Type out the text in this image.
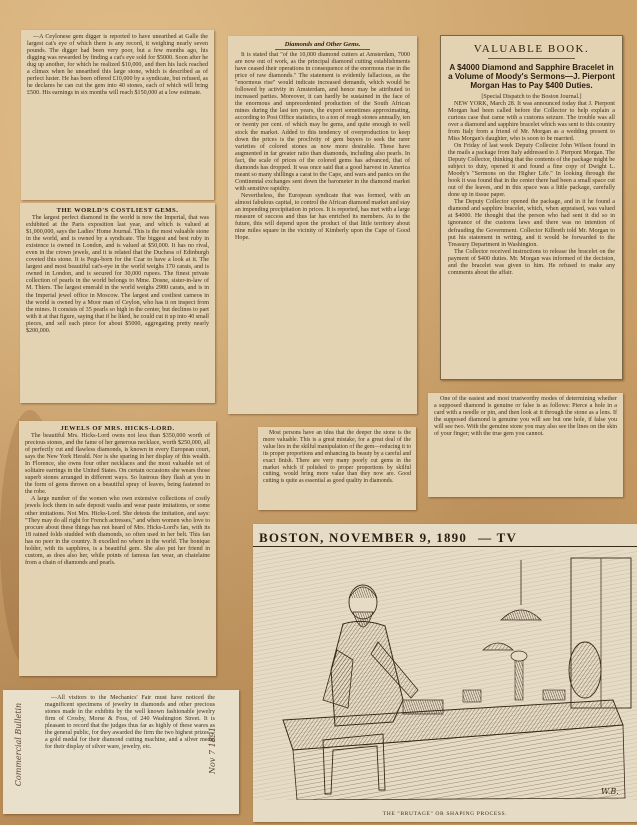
—A Ceylonese gem digger is reported to have unearthed at Galle the largest cat's eye of which there is any record, it weighing nearly seven pounds. The digger had been very poor, but a few months ago, his digging was rewarded by finding a cat's eye sold for $5000. Soon after he dug up another, for which he realized $10,000, and then his luck reached a climax when he unearthed this large stone, which is described as of perfect luster. He has been offered £10,000 by a syndicate, but refused, as he declares he can cut the gem into 40 stones, each of which will bring £500. His earnings in six months will reach $150,000 at a low estimate.

THE WORLD'S COSTLIEST GEMS.

The largest perfect diamond in the world is now the Imperial, that was exhibited at the Paris exposition last year, and which is valued at $1,000,000, says the Ladies' Home Journal. This is the most valuable stone in the world, and is owned by a syndicate. The biggest and best ruby in existence is owned in London, and is valued at $50,000. It has no rival, even in the crown jewels, and it is related that the Duchess of Edinburgh coveted this stone. It is Pegu-born for the Czar to have a look at it. The largest and most beautiful cat's-eye in the world weighs 170 carats, and is owned in London, and is secured for 30,000 rupees. The finest private collection of pearls in the world belongs to Mme. Dosne, sister-in-law of M. Thiers. The largest emerald in the world weighs 2980 carats, and is in the Imperial jewel office in Moscow. The largest and costliest cameos in the world is owned by a Moor man of Ceylon, who has it on inspect from the mines. It consists of 35 pearls so high in the center, but declines to part with it at that figure, saying that if he liked, he could cut it up into 40 small pieces, and sell each piece for about $5000, aggregating pretty nearly $200,000.

JEWELS OF MRS. HICKS-LORD.

The beautiful Mrs. Hicks-Lord owns not less than $350,000 worth of precious stones, and the fame of her generous necklace, worth $250,000, all of perfectly cut and flawless diamonds, is known in every European court, says the New York Herald. Nor is she sparing in her display of this wealth. In Florence, she owns four other necklaces and the most valuable set of solitaire earrings in the United States. On certain occasions she wears those superb stones arranged in different ways. So lustrous they flash at you in the form of gems thrown on a beautiful spray of leaves, being fastened to the robe.

A large number of the women who own extensive collections of costly jewels lock them in safe deposit vaults and wear paste imitations, or some other imitations. Not Mrs. Hicks-Lord. She detests the imitation, and says: "They may do all right for French actresses," and when women who love to procure about these things has not heard of Mrs. Hicks-Lord's fan, with its 18 rained folds studded with diamonds, so often used in her belt. This fan has no peer in the country. It excelled no where in the world. The bonique holder, with its sapphires, is a beautiful gem. She also put her friend in custom, as does also her, while points of famous fan wear, an chatelaine from a chain of diamonds and pearls.

Diamonds and Other Gems.

It is stated that "of the 10,000 diamond cutters at Amsterdam, 7000 are now out of work, as the principal diamond cutting establishments have ceased their operations in consequence of the enormous rise in the price of raw diamonds." The statement is evidently fallacious, as the "enormous rise" would indicate increased demands, which would be followed by activity in Amsterdam, and hence may be attributed to increased parties. Moreover, it can hardly be sustained in the face of the enormous and unprecedented production of the South African mines during the last ten years, the export sometimes approximating, according to Post Office statistics, to a ton of rough stones annually, ten or twenty per cent. of which may be gems, and quite enough to well stock the market. Added to this tendency of overproduction to keep down the prices is the proclivity of gem buyers to seek the rarer varieties of colored stones as now more desirable. These have augmented in far greater ratio than diamonds, including also pearls. In fact, the scale of prices of the colored gems has advanced, that of diamonds has dropped. It was once said that a good harvest in America meant so many shillings a carat to the Cape, and wars and panics on the Continental exchanges sent down the barometer in the diamond market with sensitive rapidity.

Nevertheless, the European syndicate that was formed, with an almost fabulous capital, to control the African diamond market and stay an impending precipitation in prices. It is reported, has met with a large measure of success and thus far has enriched its members. As to the future, this will depend upon the product of that little territory about nine miles square in the vicinity of Kimberly upon the Cape of Good Hope.

Most persons have an idea that the deeper the stone is the more valuable. This is a great mistake, for a great deal of the value lies in the skilful manipulation of the gem—reducing it to its proper proportions and enhancing its beauty by a careful and exact finish. There are very many poorly cut gems in the market which if polished to proper proportions by skilful cutting, would bring more value than they now are. Good cutting is quite as essential as good quality in diamonds.

VALUABLE BOOK.
A $4000 Diamond and Sapphire Bracelet in a Volume of Moody's Sermons—J. Pierpont Morgan Has to Pay $400 Duties.
[Special Dispatch to the Boston Journal.]

NEW YORK, March 28. It was announced today that J. Pierpont Morgan had been called before the Collector to help explain a curious case that came with a customs seizure. The trouble was all over a diamond and sapphire bracelet which was sent to this country from Italy from a friend of Mr. Morgan as a wedding present to Miss Morgan's daughter, who is soon to be married.

On Friday of last week Deputy Collector John Wilson found in the mails a package from Italy addressed to J. Pierpont Morgan. The Deputy Collector, thinking that the contents of the package might be subject to duty, opened it and found a fine copy of Dwight L. Moody's "Sermons on the Higher Life." In looking through the book it was found that in the center there had been a small space cut out of the leaves, and in this space was a little package, carefully done up in tissue paper.

The Deputy Collector opened the package, and in it he found a diamond and sapphire bracelet, which, when appraised, was valued at $4000. He thought that the person who had sent it did so in ignorance of the customs laws and there was no intention of defrauding the Government. Collector Kilbreth told Mr. Morgan to put his statement in writing, and it would be forwarded to the Treasury Department in Washington.

The Collector received instructions to release the bracelet on the payment of $400 duties. Mr. Morgan was informed of the decision, and the bracelet was given to him. He refused to make any comments about the affair.

One of the easiest and most trustworthy modes of determining whether a supposed diamond is genuine or false is as follows: Pierce a hole in a card with a needle or pin, and then look at it through the stone as a lens. If the supposed diamond is genuine you will see but one hole, if false you will see two. With the genuine stone you may also see the lines on the skin of your finger; with the true gem you cannot.

—All visitors to the Mechanics' Fair must have noticed the magnificent specimens of jewelry in diamonds and other precious stones made in the exhibits by the well known fashionable jewelry firm of Crosby, Morse & Foss, of 240 Washington Street. It is pleasant to record that the judges thus far as highly of these wares as the general public, for they awarded the firm the two highest prizes—a gold medal for their diamond cutting machine, and a silver medal for their display of silver ware, jewelry, etc.

Commercial Bulletin	Nov 7 1891
BOSTON, NOVEMBER 9, 1890 — TV
W.B.
THE "BRUTAGE" OR SHAPING PROCESS.
